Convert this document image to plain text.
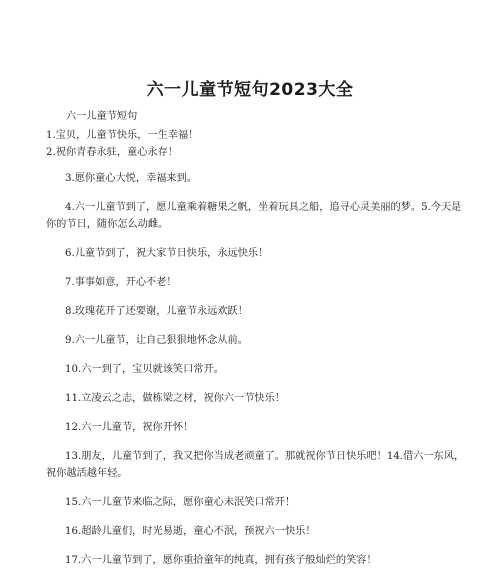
六一儿童节短句2023大全
六一儿童节短句

1.宝贝，儿童节快乐，一生幸福！

2.祝你青春永驻，童心永存！

3.愿你童心大悦，幸福来到。

4.六一儿童节到了，愿儿童乘着糖果之帆，坐着玩具之船，追寻心灵美丽的梦。5.今天是你的节日，随你怎么动雌。

6.儿童节到了，祝大家节日快乐，永远快乐！

7.事事如意，开心不老！

8.玫瑰花开了还要谢，儿童节永远欢跃！

9.六一儿童节，让自己狠狠地怀念从前。

10.六一到了，宝贝就该笑口常开。

11.立凌云之志，做栋梁之材，祝你六一节快乐！

12.六一儿童节，祝你开怀！

13.朋友，儿童节到了，我又把你当成老顽童了。那就祝你节日快乐吧！14.借六一东风，祝你越活越年轻。

15.六一儿童节来临之际，愿你童心未泯笑口常开！

16.超龄儿童们，时光易逝，童心不泯，预祝六一快乐！

17.六一儿童节到了，愿你重拾童年的纯真，拥有孩子般灿烂的笑容！
